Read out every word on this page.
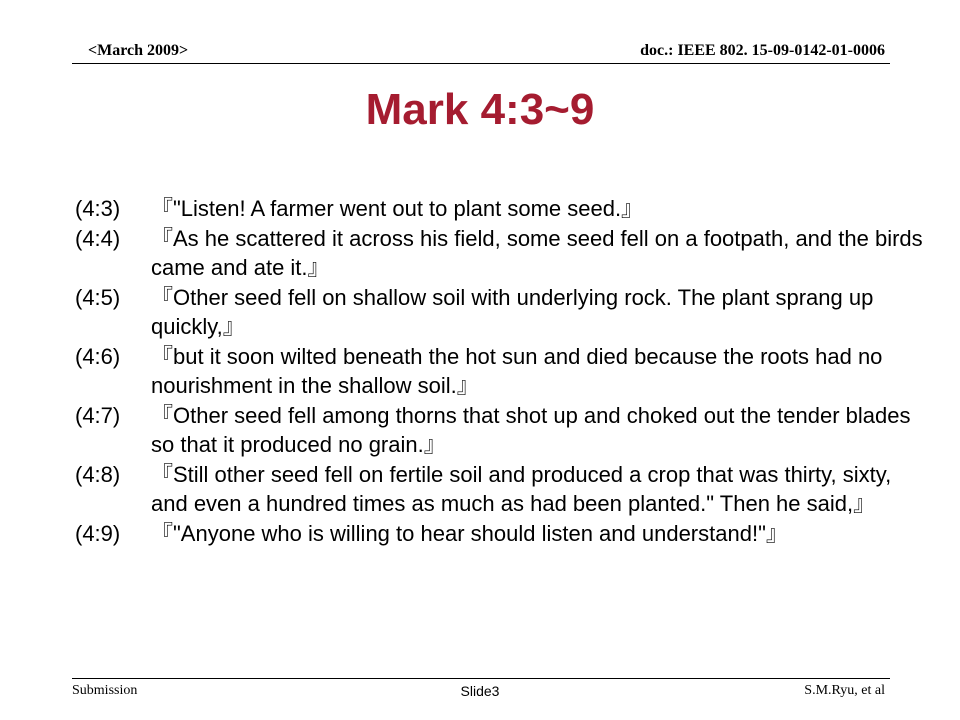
<March 2009>	doc.: IEEE 802. 15-09-0142-01-0006
Mark 4:3~9
(4:3)	『"Listen! A farmer went out to plant some seed.』
(4:4)	『As he scattered it across his field, some seed fell on a footpath, and the birds came and ate it.』
(4:5)	『Other seed fell on shallow soil with underlying rock. The plant sprang up quickly,』
(4:6)	『but it soon wilted beneath the hot sun and died because the roots had no nourishment in the shallow soil.』
(4:7)	『Other seed fell among thorns that shot up and choked out the tender blades so that it produced no grain.』
(4:8)	『Still other seed fell on fertile soil and produced a crop that was thirty, sixty, and even a hundred times as much as had been planted." Then he said,』
(4:9)	『"Anyone who is willing to hear should listen and understand!"』
Submission	Slide3	S.M.Ryu, et al
